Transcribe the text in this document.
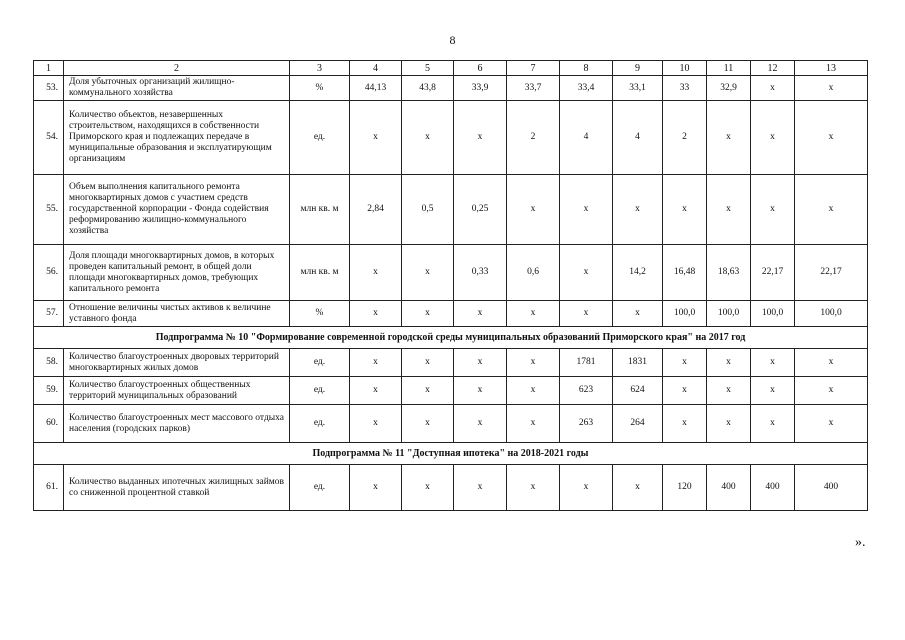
8
1	2	3	4	5	6	7	8	9	10	11	12	13
53.	Доля убыточных организаций жилищно-коммунального хозяйства	%	44,13	43,8	33,9	33,7	33,4	33,1	33	32,9	x	x
54.	Количество объектов, незавершенных строительством, находящихся в собственности Приморского края и подлежащих передаче в муниципальные образования и эксплуатирующим организациям	ед.	x	x	x	2	4	4	2	x	x	x
55.	Объем выполнения капитального ремонта многоквартирных домов с участием средств государственной корпорации - Фонда содействия реформированию жилищно-коммунального хозяйства	млн кв. м	2,84	0,5	0,25	x	x	x	x	x	x	x
56.	Доля площади многоквартирных домов, в которых проведен капитальный ремонт, в общей доли площади многоквартирных домов, требующих капитального ремонта	млн кв. м	x	x	0,33	0,6	x	14,2	16,48	18,63	22,17	22,17
57.	Отношение величины чистых активов к величине уставного фонда	%	x	x	x	x	x	x	100,0	100,0	100,0	100,0
Подпрограмма № 10 "Формирование современной городской среды муниципальных образований Приморского края" на 2017 год												
58.	Количество благоустроенных дворовых территорий многоквартирных жилых домов	ед.	x	x	x	x	1781	1831	x	x	x	x
59.	Количество благоустроенных общественных территорий муниципальных образований	ед.	x	x	x	x	623	624	x	x	x	x
60.	Количество благоустроенных мест массового отдыха населения (городских парков)	ед.	x	x	x	x	263	264	x	x	x	x
Подпрограмма № 11 "Доступная ипотека" на 2018-2021 годы												
61.	Количество выданных ипотечных жилищных займов со сниженной процентной ставкой	ед.	x	x	x	x	x	x	120	400	400	400
».
